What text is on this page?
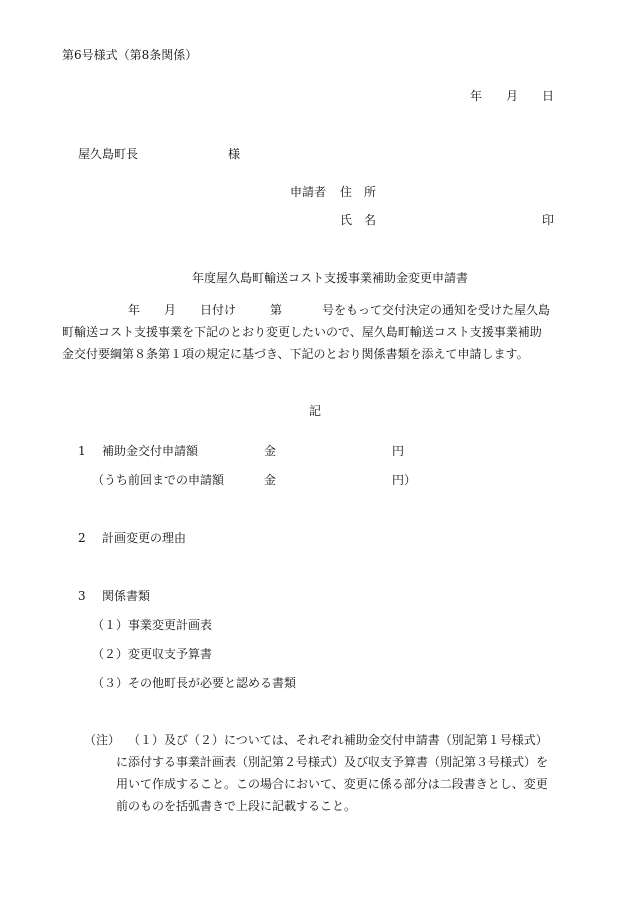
第6号様式（第8条関係）
年 月 日
屋久島町長	様
申請者 住　所
氏　名	印
年度屋久島町輸送コスト支援事業補助金変更申請書
年 月 日付け	第	号をもって交付決定の通知を受けた屋久島
町輸送コスト支援事業を下記のとおり変更したいので、屋久島町輸送コスト支援事業補助
金交付要綱第８条第１項の規定に基づき、下記のとおり関係書類を添えて申請します。
記
1 補助金交付申請額	金	円
（うち前回までの申請額	金	円）
2 計画変更の理由
3 関係書類
（１）事業変更計画表
（２）変更収支予算書
（３）その他町長が必要と認める書類
（注） （１）及び（２）については、それぞれ補助金交付申請書（別記第１号様式）
に添付する事業計画表（別記第２号様式）及び収支予算書（別記第３号様式）を
用いて作成すること。この場合において、変更に係る部分は二段書きとし、変更
前のものを括弧書きで上段に記載すること。
